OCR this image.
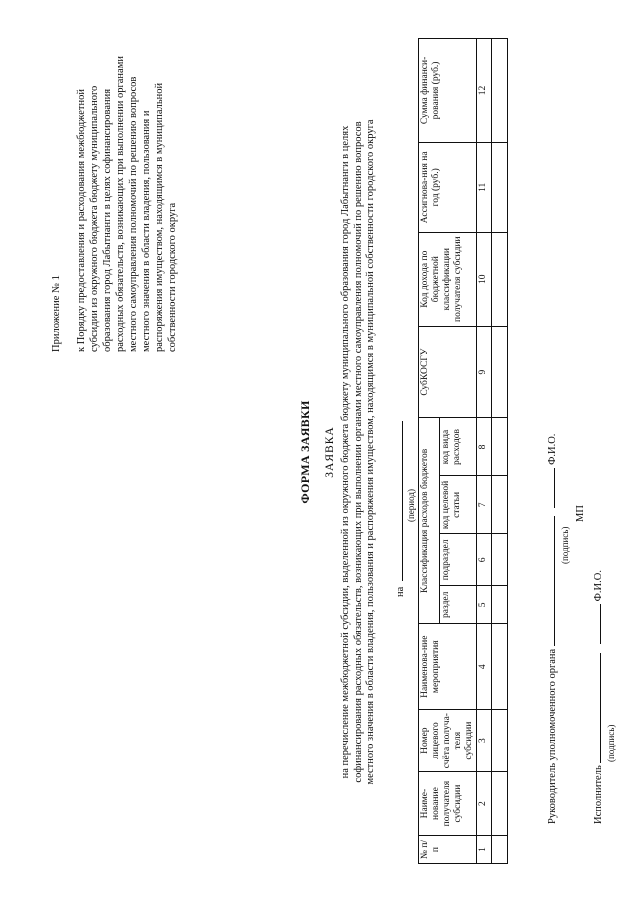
Приложение № 1 к Порядку предоставления и расходования межбюджетной субсидии из окружного бюджета бюджету муниципального образования город Лабытнанги в целях софинансирования расходных обязательств, возникающих при выполнении органами местного самоуправления полномочий по решению вопросов местного значения в области владения, пользования и распоряжения имуществом, находящимся в муниципальной собственности городского округа
ФОРМА ЗАЯВКИ ЗАЯВКА на перечисление межбюджетной субсидии, выделенной из окружного бюджета бюджету муниципального образования город Лабытнанги в целях софинансирования расходных обязательств, возникающих при выполнении органами местного самоуправления полномочий по решению вопросов местного значения в области владения, пользования и распоряжения имуществом, находящимся в муниципальной собственности городского округа на
(период)
№ п/п	Наиме-нование получателя субсидии	Номер лицевого счёта получа-теля субсидии	Наименова-ние мероприятия	Классификация расходов бюджетов				СубКОСГУ	Код дохода по бюджетной классификации получателя субсидии	Ассигнова-ния на год (руб.)	Сумма финанси-рования (руб.)
				раздел	подраздел	код целевой статьи	код вида расходов				
1	2	3	4	5	6	7	8	9	10	11	12

Руководитель уполномоченного органа   Ф.И.О.
(подпись)
МП
Исполнитель   Ф.И.О.
(подпись)
